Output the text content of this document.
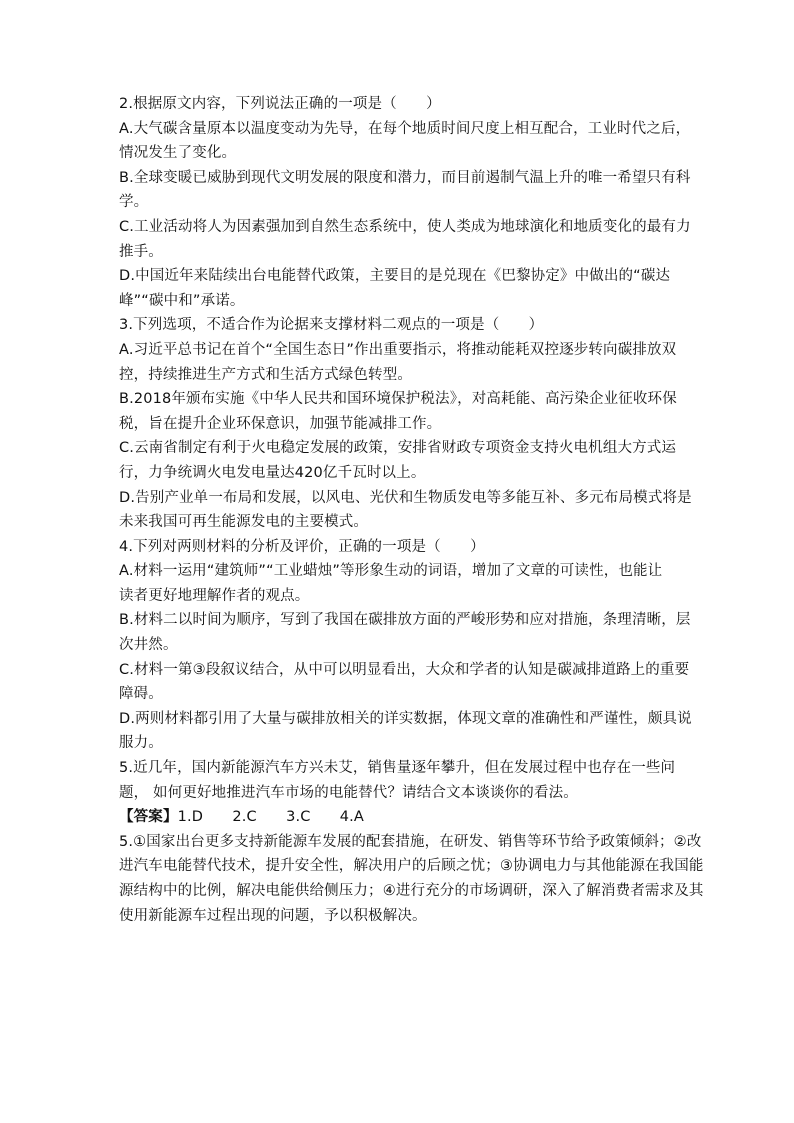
2.根据原文内容，下列说法正确的一项是（　　）
A.大气碳含量原本以温度变动为先导，在每个地质时间尺度上相互配合，工业时代之后，
情况发生了变化。
B.全球变暖已威胁到现代文明发展的限度和潜力，而目前遏制气温上升的唯一希望只有科
学。
C.工业活动将人为因素强加到自然生态系统中，使人类成为地球演化和地质变化的最有力
推手。
D.中国近年来陆续出台电能替代政策，主要目的是兑现在《巴黎协定》中做出的“碳达
峰”“碳中和”承诺。
3.下列选项，不适合作为论据来支撑材料二观点的一项是（　　）
A.习近平总书记在首个“全国生态日”作出重要指示，将推动能耗双控逐步转向碳排放双
控，持续推进生产方式和生活方式绿色转型。
B.2018年颁布实施《中华人民共和国环境保护税法》，对高耗能、高污染企业征收环保
税，旨在提升企业环保意识，加强节能减排工作。
C.云南省制定有利于火电稳定发展的政策，安排省财政专项资金支持火电机组大方式运
行，力争统调火电发电量达420亿千瓦时以上。
D.告别产业单一布局和发展，以风电、光伏和生物质发电等多能互补、多元布局模式将是
未来我国可再生能源发电的主要模式。
4.下列对两则材料的分析及评价，正确的一项是（　　）
A.材料一运用“建筑师”“工业蜡烛”等形象生动的词语，增加了文章的可读性，也能让
读者更好地理解作者的观点。
B.材料二以时间为顺序，写到了我国在碳排放方面的严峻形势和应对措施，条理清晰，层
次井然。
C.材料一第③段叙议结合，从中可以明显看出，大众和学者的认知是碳减排道路上的重要
障碍。
D.两则材料都引用了大量与碳排放相关的详实数据，体现文章的准确性和严谨性，颇具说
服力。
5.近几年，国内新能源汽车方兴未艾，销售量逐年攀升，但在发展过程中也存在一些问
题， 如何更好地推进汽车市场的电能替代？请结合文本谈谈你的看法。
【答案】1.D　　2.C　　3.C　　4.A
5.①国家出台更多支持新能源车发展的配套措施，在研发、销售等环节给予政策倾斜；②改
进汽车电能替代技术，提升安全性，解决用户的后顾之忧；③协调电力与其他能源在我国能
源结构中的比例，解决电能供给侧压力；④进行充分的市场调研，深入了解消费者需求及其
使用新能源车过程出现的问题，予以积极解决。
